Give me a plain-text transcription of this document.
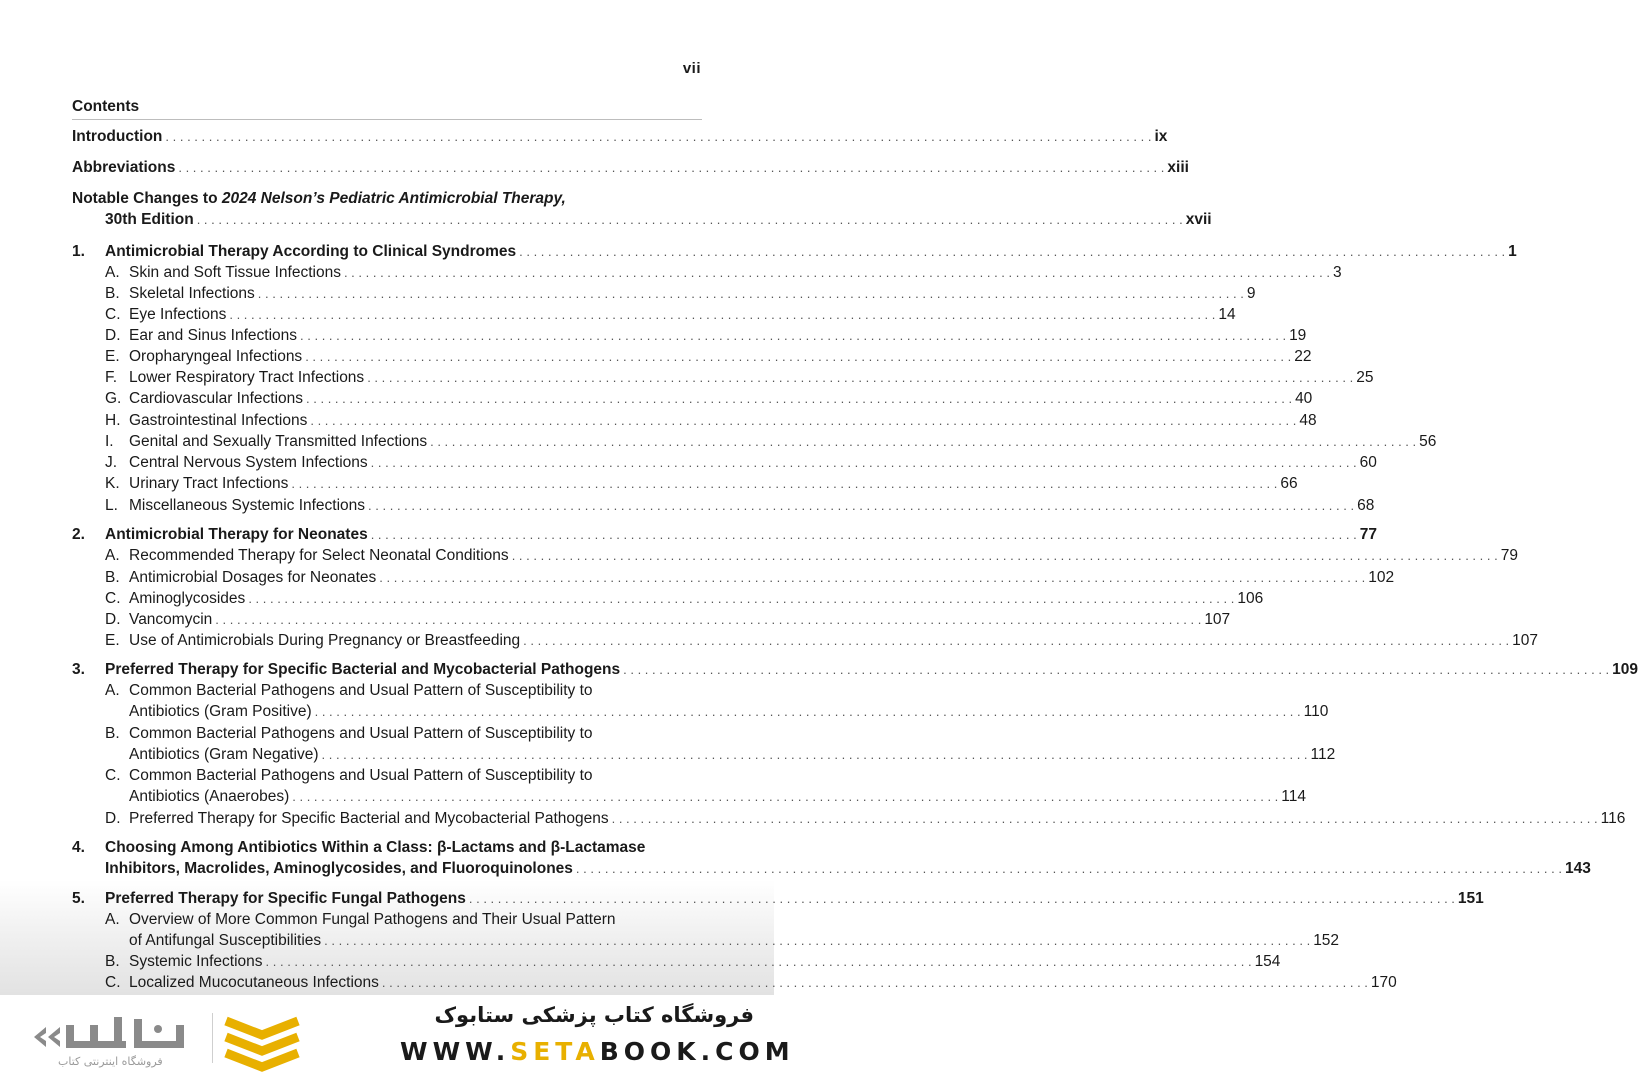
vii
Contents
Introduction . . .	ix
Abbreviations . . .	xiii
Notable Changes to 2024 Nelson’s Pediatric Antimicrobial Therapy,
30th Edition . . .	xvii
1.	Antimicrobial Therapy According to Clinical Syndromes . . .	1
A. Skin and Soft Tissue Infections . . .	3
B. Skeletal Infections . . .	9
C. Eye Infections . . .	14
D. Ear and Sinus Infections . . .	19
E. Oropharyngeal Infections . . .	22
F. Lower Respiratory Tract Infections . . .	25
G. Cardiovascular Infections . . .	40
H. Gastrointestinal Infections . . .	48
I. Genital and Sexually Transmitted Infections . . .	56
J. Central Nervous System Infections . . .	60
K. Urinary Tract Infections . . .	66
L. Miscellaneous Systemic Infections . . .	68
2.	Antimicrobial Therapy for Neonates . . .	77
A. Recommended Therapy for Select Neonatal Conditions . . .	79
B. Antimicrobial Dosages for Neonates . . .	102
C. Aminoglycosides . . .	106
D. Vancomycin . . .	107
E. Use of Antimicrobials During Pregnancy or Breastfeeding . . .	107
3.	Preferred Therapy for Specific Bacterial and Mycobacterial Pathogens . . .	109
A. Common Bacterial Pathogens and Usual Pattern of Susceptibility to
Antibiotics (Gram Positive) . . .	110
B. Common Bacterial Pathogens and Usual Pattern of Susceptibility to
Antibiotics (Gram Negative) . . .	112
C. Common Bacterial Pathogens and Usual Pattern of Susceptibility to
Antibiotics (Anaerobes) . . .	114
D. Preferred Therapy for Specific Bacterial and Mycobacterial Pathogens . . .	116
4.	Choosing Among Antibiotics Within a Class: β-Lactams and β-Lactamase
Inhibitors, Macrolides, Aminoglycosides, and Fluoroquinolones . . .	143
5.	Preferred Therapy for Specific Fungal Pathogens . . .	151
A. Overview of More Common Fungal Pathogens and Their Usual Pattern
of Antifungal Susceptibilities . . .	152
B. Systemic Infections . . .	154
C. Localized Mucocutaneous Infections . . .	170
فروشگاه اینترنتی کتاب
فروشگاه کتاب پزشکی ستابوک
WWW.SETABOOK.COM
